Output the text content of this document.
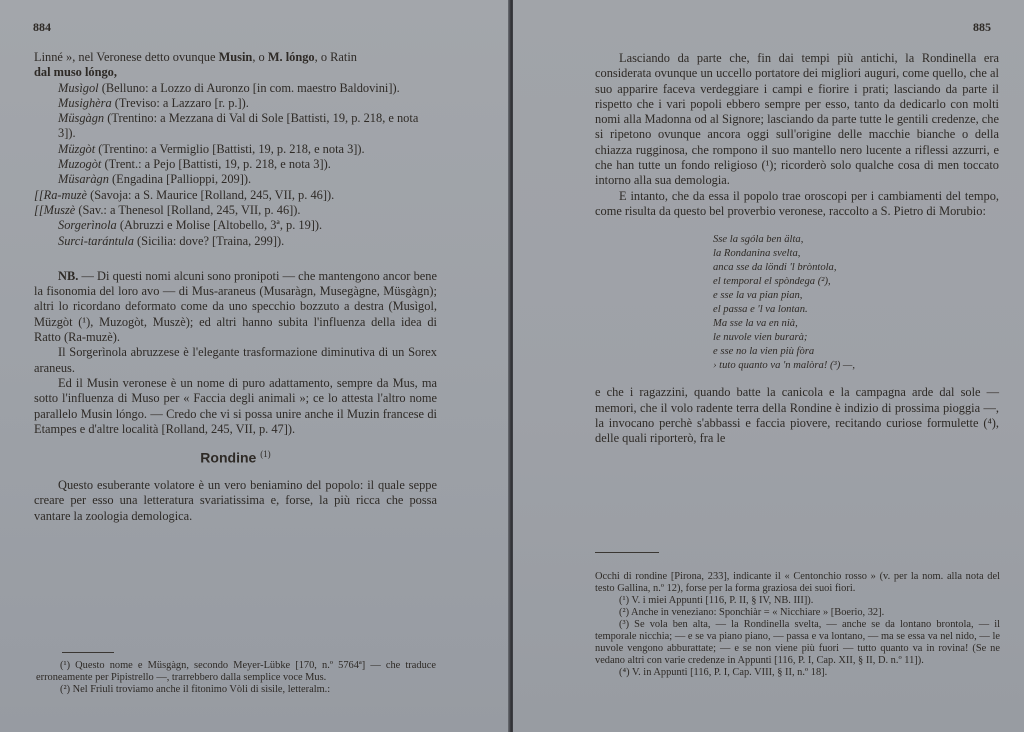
884

Linné », nel Veronese detto ovunque Musin, o M. lóngo, o Ratin

dal muso lóngo,

Musìgol (Belluno: a Lozzo di Auronzo [in com. maestro Baldovini]).

Musighèra (Treviso: a Lazzaro [r. p.]).

Müsgàgn (Trentino: a Mezzana di Val di Sole [Battisti, 19, p. 218, e nota 3]).

Müzgòt (Trentino: a Vermiglio [Battisti, 19, p. 218, e nota 3]).

Muzogòt (Trent.: a Pejo [Battisti, 19, p. 218, e nota 3]).

Müsaràgn (Engadina [Pallioppi, 209]).

[[Ra-muzè (Savoja: a S. Maurice [Rolland, 245, VII, p. 46]).

[[Muszè (Sav.: a Thenesol [Rolland, 245, VII, p. 46]).

Sorgerìnola (Abruzzi e Molise [Altobello, 3ª, p. 19]).

Surci-tarántula (Sicilia: dove? [Traina, 299]).

NB. — Di questi nomi alcuni sono pronipoti — che mantengono ancor bene la fisonomia del loro avo — di Mus-araneus (Musaràgn, Musegàgne, Müsgàgn); altri lo ricordano deformato come da uno specchio bozzuto a destra (Musìgol, Müzgòt (¹), Muzogòt, Muszè); ed altri hanno subita l'influenza della idea di Ratto (Ra-muzè).

Il Sorgerìnola abruzzese è l'elegante trasformazione diminutiva di un Sorex araneus.

Ed il Musin veronese è un nome di puro adattamento, sempre da Mus, ma sotto l'influenza di Muso per « Faccia degli animali »; ce lo attesta l'altro nome parallelo Musin lóngo. — Credo che vi si possa unire anche il Muzin francese di Etampes e d'altre località [Rolland, 245, VII, p. 47]).

Rondine $^{(1)}$

Questo esuberante volatore è un vero beniamino del popolo: il quale seppe creare per esso una letteratura svariatissima e, forse, la più ricca che possa vantare la zoologia demologica.

(¹) Questo nome e Müsgàgn, secondo Meyer-Lübke [170, n.º 5764ª] — che traduce erroneamente per Pipistrello —, trarrebbero dalla semplice voce Mus.

(²) Nel Friuli troviamo anche il fitonimo Vòli di sìsile, letteralm.:

885

Lasciando da parte che, fin dai tempi più antichi, la Rondinella era considerata ovunque un uccello portatore dei migliori auguri, come quello, che al suo apparire faceva verdeggiare i campi e fiorire i prati; lasciando da parte il rispetto che i vari popoli ebbero sempre per esso, tanto da dedicarlo con molti nomi alla Madonna od al Signore; lasciando da parte tutte le gentili credenze, che si ripetono ovunque ancora oggi sull'origine delle macchie bianche o della chiazza rugginosa, che rompono il suo mantello nero lucente a riflessi azzurri, e che han tutte un fondo religioso (¹); ricorderò solo qualche cosa di men toccato intorno alla sua demologia.

E intanto, che da essa il popolo trae oroscopi per i cambiamenti del tempo, come risulta da questo bel proverbio veronese, raccolto a S. Pietro di Morubio:

Sse la sgóla ben älta,
la Rondanina svelta,
anca sse da löndi 'l bròntola,
el temporal el spòndega (²),
e sse la va pian pian,
el passa e 'l va lontan.
Ma sse la va en nià,
le nuvole vien burarà;
e sse no la vien più fòra
› tuto quanto va 'n malòra! (³) —,

e che i ragazzini, quando batte la canicola e la campagna arde dal sole — memori, che il volo radente terra della Rondine è indizio di prossima pioggia —, la invocano perchè s'abbassi e faccia piovere, recitando curiose formulette (⁴), delle quali riporterò, fra le

Occhi di rondine [Pirona, 233], indicante il « Centonchio rosso » (v. per la nom. alla nota del testo Gallina, n.º 12), forse per la forma graziosa dei suoi fiori.

(¹) V. i miei Appunti [116, P. II, § IV, NB. III]).

(²) Anche in veneziano: Sponchiàr = « Nicchiare » [Boerio, 32].

(³) Se vola ben alta, — la Rondinella svelta, — anche se da lontano brontola, — il temporale nicchia; — e se va piano piano, — passa e va lontano, — ma se essa va nel nido, — le nuvole vengono abburattate; — e se non viene più fuori — tutto quanto va in rovina! (Se ne vedano altri con varie credenze in Appunti [116, P. I, Cap. XII, § II, D. n.º 11]).

(⁴) V. in Appunti [116, P. I, Cap. VIII, § II, n.º 18].
